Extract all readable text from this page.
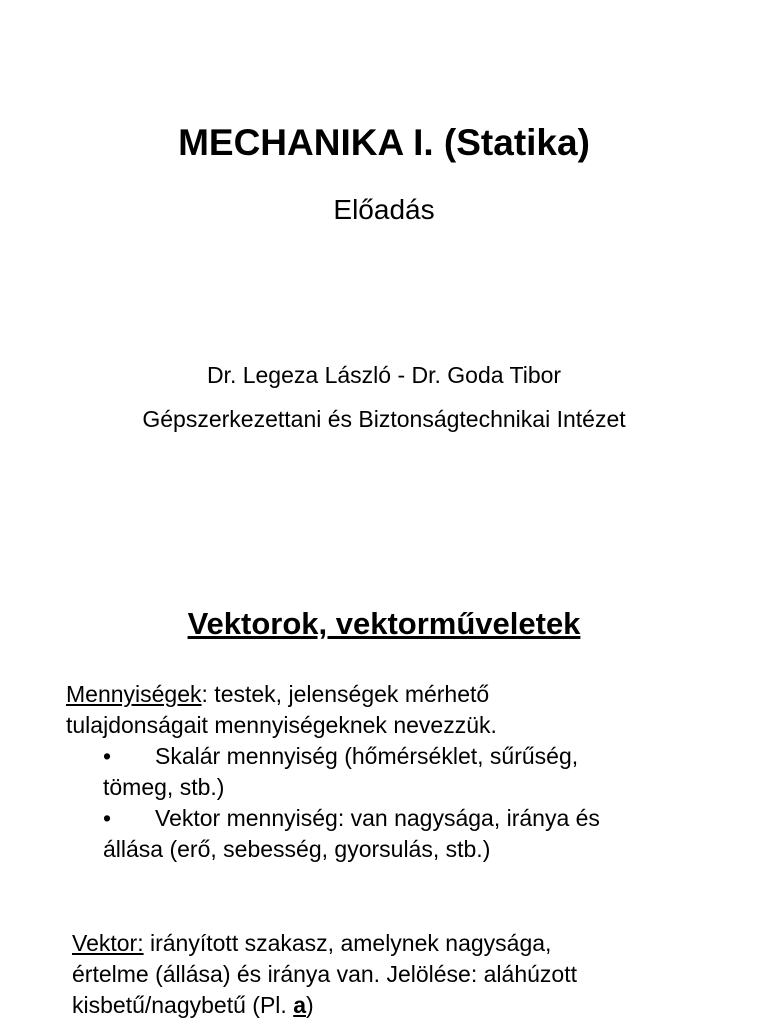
MECHANIKA I. (Statika)
Előadás
Dr. Legeza László - Dr. Goda Tibor
Gépszerkezettani és Biztonságtechnikai Intézet
Vektorok, vektorműveletek
Mennyiségek: testek, jelenségek mérhető
tulajdonságait mennyiségeknek nevezzük.
• Skalár mennyiség (hőmérséklet, sűrűség,
tömeg, stb.)
• Vektor mennyiség: van nagysága, iránya és
állása (erő, sebesség, gyorsulás, stb.)
Vektor: irányított szakasz, amelynek nagysága,
értelme (állása) és iránya van. Jelölése: aláhúzott
kisbetű/nagybetű (Pl. a)
